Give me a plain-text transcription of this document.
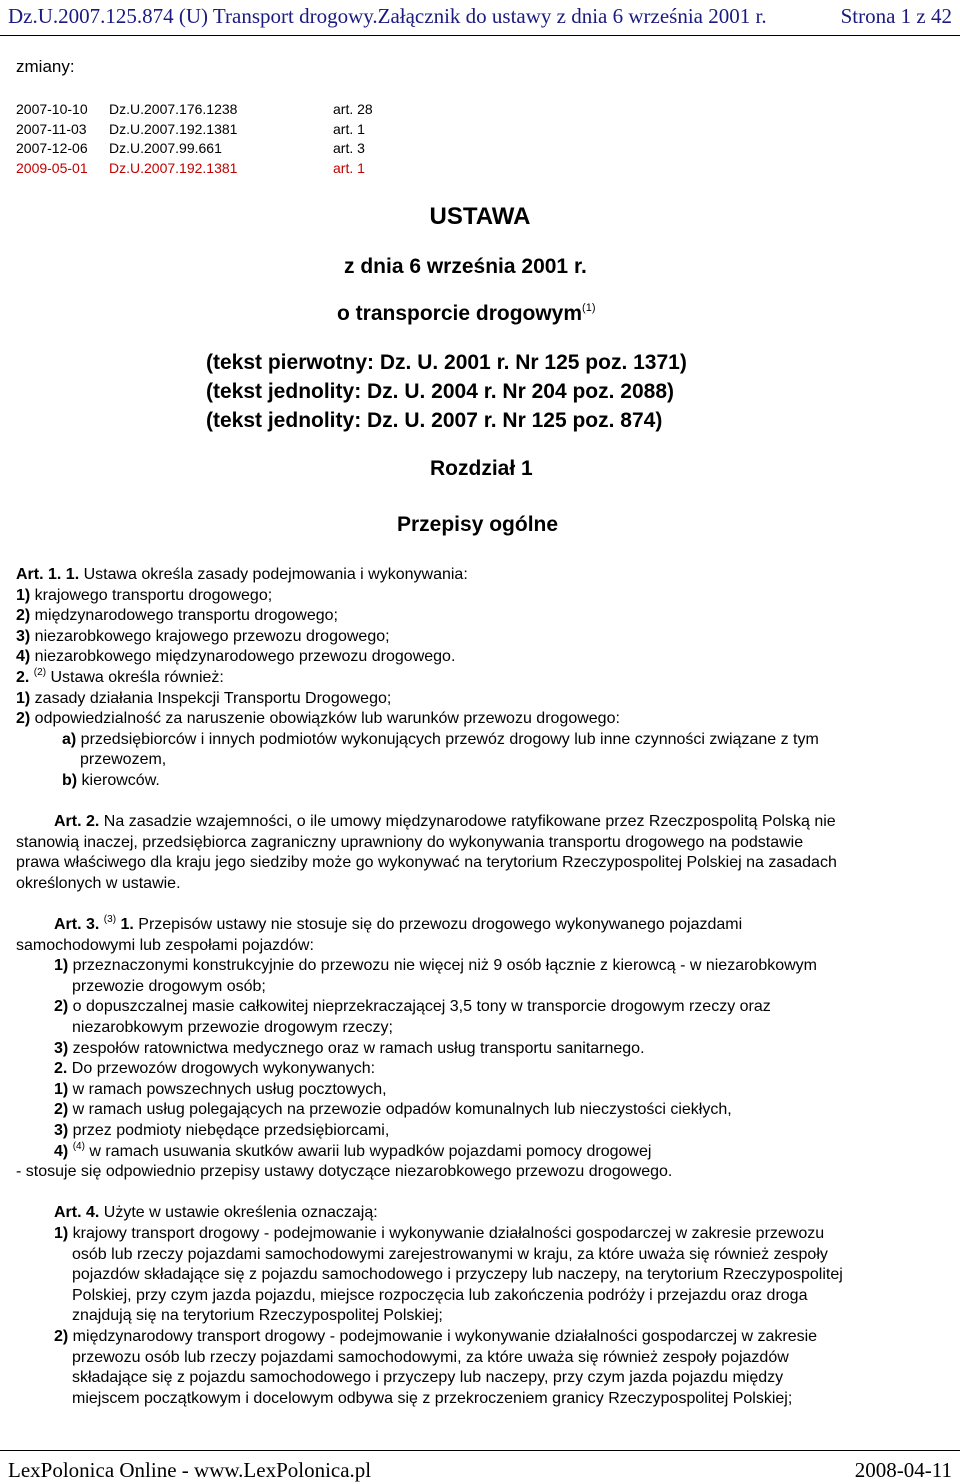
Dz.U.2007.125.874 (U) Transport drogowy.Załącznik do ustawy z dnia 6 września 2001 r.	Strona 1 z 42
zmiany:
2007-10-10 Dz.U.2007.176.1238	art. 28
2007-11-03 Dz.U.2007.192.1381	art. 1
2007-12-06 Dz.U.2007.99.661	art. 3
2009-05-01 Dz.U.2007.192.1381	art. 1
USTAWA
z dnia 6 września 2001 r.
o transporcie drogowym$^{(1)}$
(tekst pierwotny: Dz. U. 2001 r. Nr 125 poz. 1371)
(tekst jednolity: Dz. U. 2004 r. Nr 204 poz. 2088)
(tekst jednolity: Dz. U. 2007 r. Nr 125 poz. 874)
Rozdział 1
Przepisy ogólne

Art. 1. 1. Ustawa określa zasady podejmowania i wykonywania:

1) krajowego transportu drogowego;

2) międzynarodowego transportu drogowego;

3) niezarobkowego krajowego przewozu drogowego;

4) niezarobkowego międzynarodowego przewozu drogowego.

2. $^{(2)}$ Ustawa określa również:

1) zasady działania Inspekcji Transportu Drogowego;

2) odpowiedzialność za naruszenie obowiązków lub warunków przewozu drogowego:

a) przedsiębiorców i innych podmiotów wykonujących przewóz drogowy lub inne czynności związane z tym

przewozem,

b) kierowców.

Art. 2. Na zasadzie wzajemności, o ile umowy międzynarodowe ratyfikowane przez Rzeczpospolitą Polską nie

stanowią inaczej, przedsiębiorca zagraniczny uprawniony do wykonywania transportu drogowego na podstawie

prawa właściwego dla kraju jego siedziby może go wykonywać na terytorium Rzeczypospolitej Polskiej na zasadach

określonych w ustawie.

Art. 3. $^{(3)}$ 1. Przepisów ustawy nie stosuje się do przewozu drogowego wykonywanego pojazdami

samochodowymi lub zespołami pojazdów:

1) przeznaczonymi konstrukcyjnie do przewozu nie więcej niż 9 osób łącznie z kierowcą - w niezarobkowym

przewozie drogowym osób;

2) o dopuszczalnej masie całkowitej nieprzekraczającej 3,5 tony w transporcie drogowym rzeczy oraz

niezarobkowym przewozie drogowym rzeczy;

3) zespołów ratownictwa medycznego oraz w ramach usług transportu sanitarnego.

2. Do przewozów drogowych wykonywanych:

1) w ramach powszechnych usług pocztowych,

2) w ramach usług polegających na przewozie odpadów komunalnych lub nieczystości ciekłych,

3) przez podmioty niebędące przedsiębiorcami,

4) $^{(4)}$ w ramach usuwania skutków awarii lub wypadków pojazdami pomocy drogowej

- stosuje się odpowiednio przepisy ustawy dotyczące niezarobkowego przewozu drogowego.

Art. 4. Użyte w ustawie określenia oznaczają:

1) krajowy transport drogowy - podejmowanie i wykonywanie działalności gospodarczej w zakresie przewozu

osób lub rzeczy pojazdami samochodowymi zarejestrowanymi w kraju, za które uważa się również zespoły

pojazdów składające się z pojazdu samochodowego i przyczepy lub naczepy, na terytorium Rzeczypospolitej

Polskiej, przy czym jazda pojazdu, miejsce rozpoczęcia lub zakończenia podróży i przejazdu oraz droga

znajdują się na terytorium Rzeczypospolitej Polskiej;

2) międzynarodowy transport drogowy - podejmowanie i wykonywanie działalności gospodarczej w zakresie

przewozu osób lub rzeczy pojazdami samochodowymi, za które uważa się również zespoły pojazdów

składające się z pojazdu samochodowego i przyczepy lub naczepy, przy czym jazda pojazdu między

miejscem początkowym i docelowym odbywa się z przekroczeniem granicy Rzeczypospolitej Polskiej;

LexPolonica Online - www.LexPolonica.pl	2008-04-11
